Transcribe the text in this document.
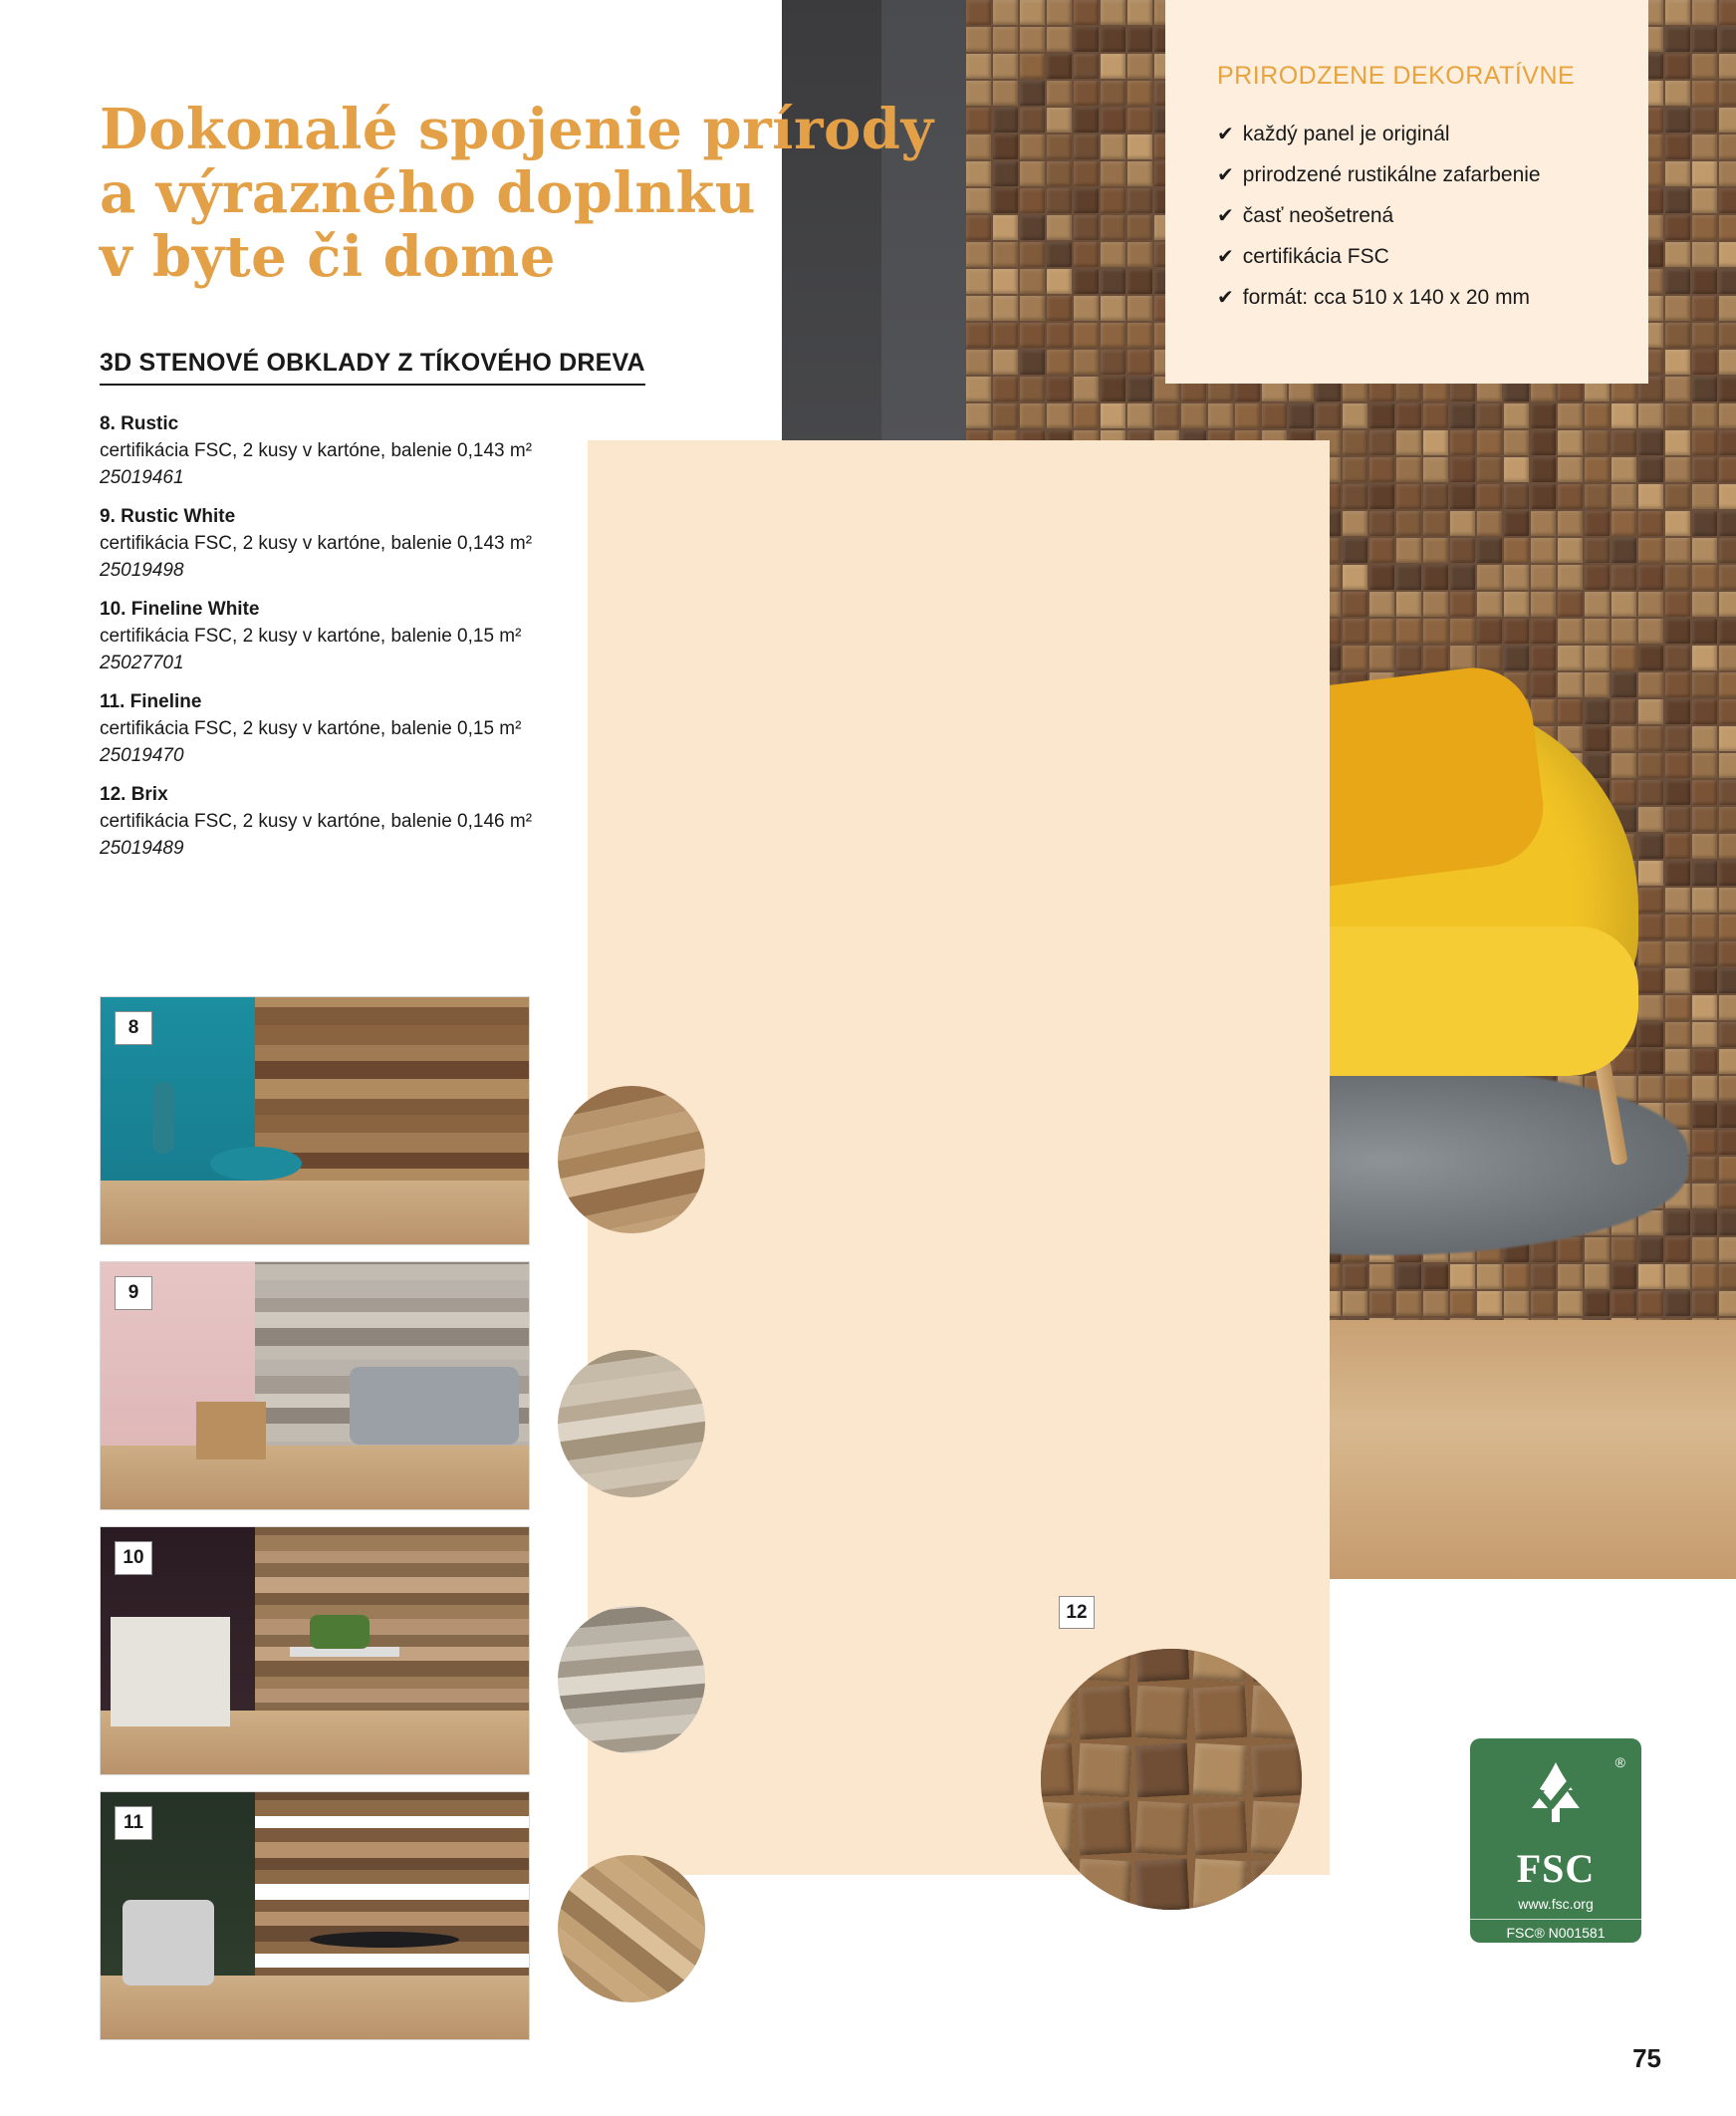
PRIRODZENE DEKORATÍVNE
✔ každý panel je originál
✔ prirodzené rustikálne zafarbenie
✔ časť neošetrená
✔ certifikácia FSC
✔ formát: cca 510 x 140 x 20 mm
Dokonalé spojenie prírody
a výrazného doplnku
v byte či dome
3D STENOVÉ OBKLADY Z TÍKOVÉHO DREVA
8. Rustic
certifikácia FSC, 2 kusy v kartóne, balenie 0,143 m²
25019461
9. Rustic White
certifikácia FSC, 2 kusy v kartóne, balenie 0,143 m²
25019498
10. Fineline White
certifikácia FSC, 2 kusy v kartóne, balenie 0,15 m²
25027701
11. Fineline
certifikácia FSC, 2 kusy v kartóne, balenie 0,15 m²
25019470
12. Brix
certifikácia FSC, 2 kusy v kartóne, balenie 0,146 m²
25019489
8
9
10
11
12
®
FSC
www.fsc.org
FSC® N001581
75
